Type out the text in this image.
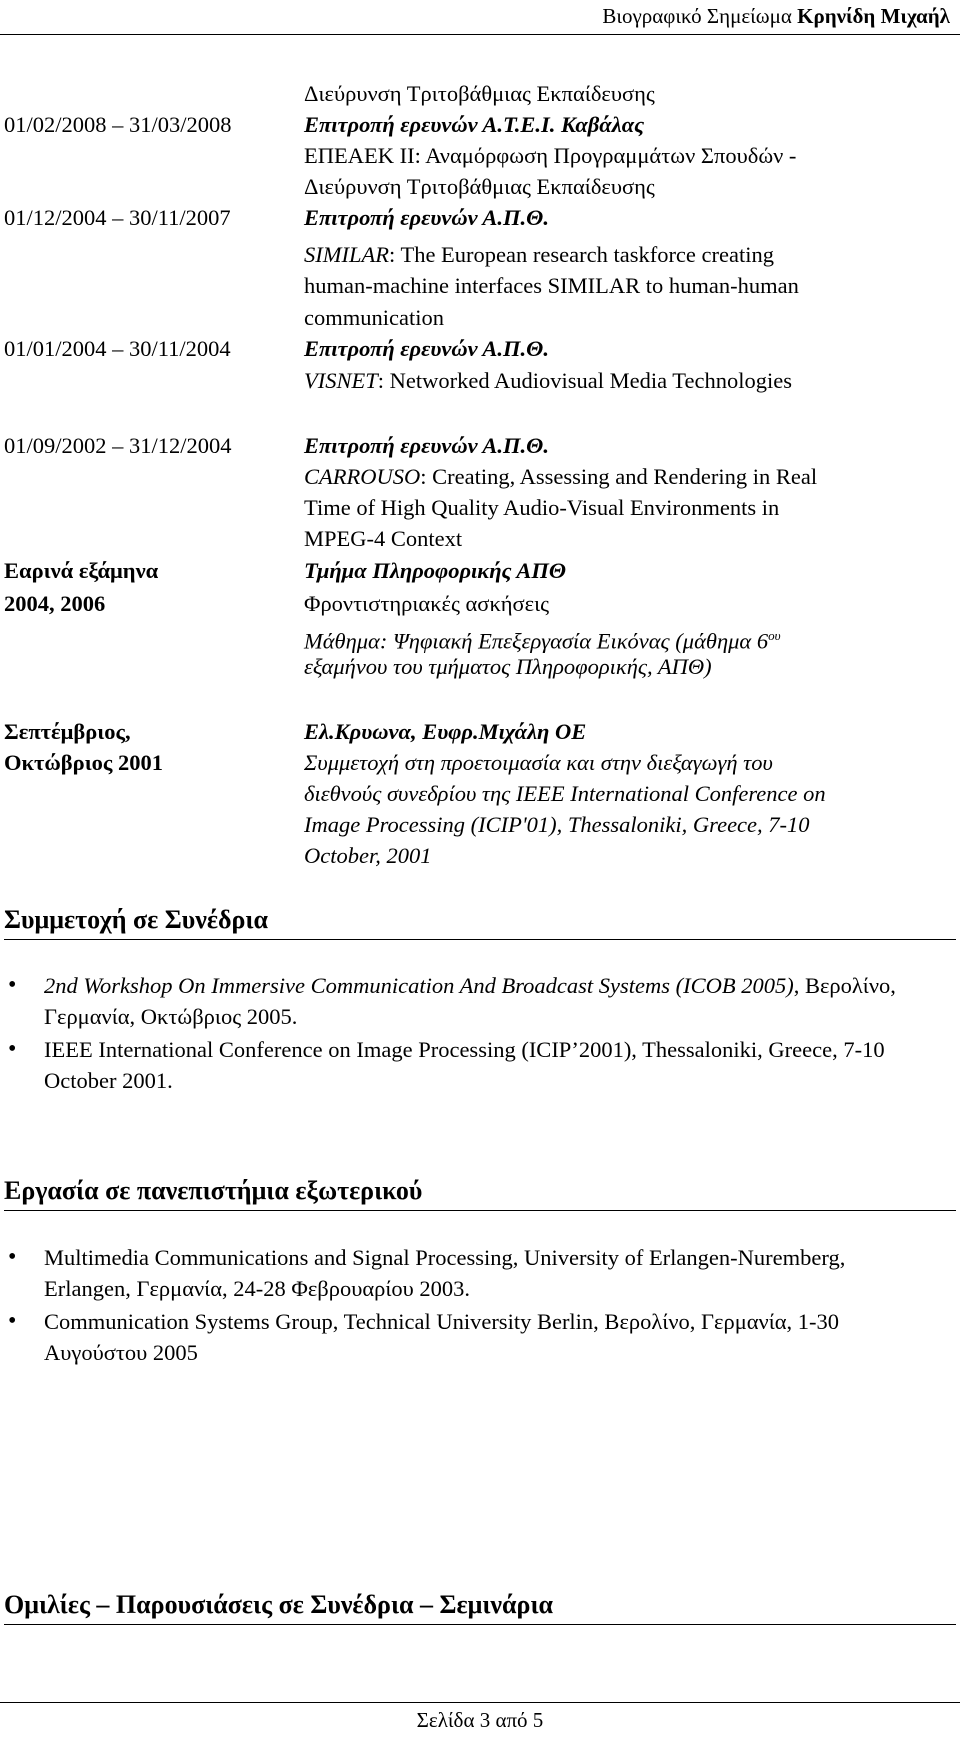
Βιογραφικό Σημείωμα Κρηνίδη Μιχαήλ
Διεύρυνση Τριτοβάθμιας Εκπαίδευσης
01/02/2008 – 31/03/2008	Επιτροπή ερευνών Α.Τ.Ε.Ι. Καβάλας
ΕΠΕΑΕΚ ΙΙ: Αναμόρφωση Προγραμμάτων Σπουδών -
Διεύρυνση Τριτοβάθμιας Εκπαίδευσης
01/12/2004 – 30/11/2007	Επιτροπή ερευνών Α.Π.Θ.
SIMILAR: The European research taskforce creating
human-machine interfaces SIMILAR to human-human
communication
01/01/2004 – 30/11/2004	Επιτροπή ερευνών Α.Π.Θ.
VISNET: Networked Audiovisual Media Technologies
01/09/2002 – 31/12/2004	Επιτροπή ερευνών Α.Π.Θ.
CARROUSO: Creating, Assessing and Rendering in Real
Time of High Quality Audio-Visual Environments in
MPEG-4 Context
Εαρινά εξάμηνα	Τμήμα Πληροφορικής ΑΠΘ
2004, 2006	Φροντιστηριακές ασκήσεις
Μάθημα: Ψηφιακή Επεξεργασία Εικόνας (μάθημα $6^{o\upsilon}$
εξαμήνου του τμήματος Πληροφορικής, ΑΠΘ)
Σεπτέμβριος,	Ελ.Κρυωνα, Ευφρ.Μιχάλη ΟΕ
Οκτώβριος 2001	Συμμετοχή στη προετοιμασία και στην διεξαγωγή του
διεθνούς συνεδρίου της IEEE International Conference on
Image Processing (ICIP'01), Thessaloniki, Greece, 7-10
October, 2001
Συμμετοχή σε Συνέδρια
• 2nd Workshop On Immersive Communication And Broadcast Systems (ICOB 2005), Βερολίνο, Γερμανία, Οκτώβριος 2005.
• IEEE International Conference on Image Processing (ICIP’2001), Thessaloniki, Greece, 7-10 October 2001.
Εργασία σε πανεπιστήμια εξωτερικού
• Multimedia Communications and Signal Processing, University of Erlangen-Nuremberg, Erlangen, Γερμανία, 24-28 Φεβρουαρίου 2003.
• Communication Systems Group, Technical University Berlin, Βερολίνο, Γερμανία, 1-30 Αυγούστου 2005
Ομιλίες – Παρουσιάσεις σε Συνέδρια – Σεμινάρια
Σελίδα 3 από 5
